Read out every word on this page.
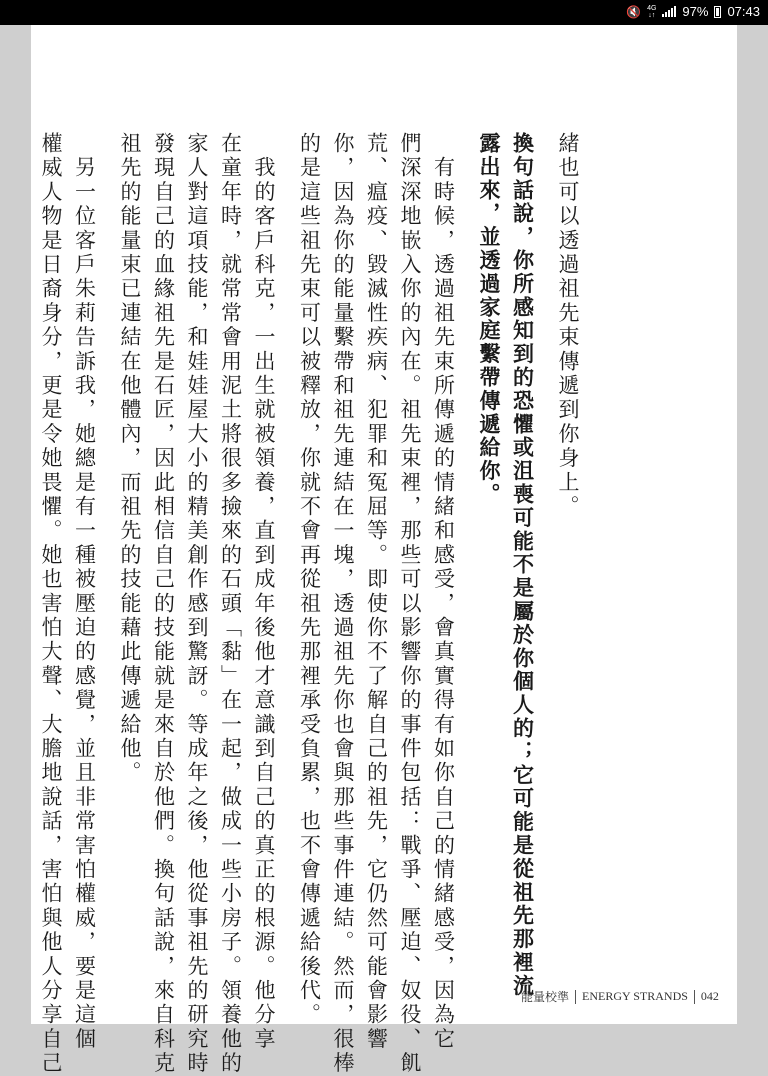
🔇 4G
↓↑ 97% 07:43
緒也可以透過祖先束傳遞到你身上。
換句話說，你所感知到的恐懼或沮喪可能不是屬於你個人的；它可能是從祖先那裡流
露出來，並透過家庭繫帶傳遞給你。
　有時候，透過祖先束所傳遞的情緒和感受，會真實得有如你自己的情緒感受，因為它
們深深地嵌入你的內在。祖先束裡，那些可以影響你的事件包括：戰爭、壓迫、奴役、飢
荒、瘟疫、毀滅性疾病、犯罪和冤屈等。即使你不了解自己的祖先，它仍然可能會影響
你，因為你的能量繫帶和祖先連結在一塊，透過祖先你也會與那些事件連結。然而，很棒
的是這些祖先束可以被釋放，你就不會再從祖先那裡承受負累，也不會傳遞給後代。
　我的客戶科克，一出生就被領養，直到成年後他才意識到自己的真正的根源。他分享
在童年時，就常常會用泥土將很多撿來的石頭「黏」在一起，做成一些小房子。領養他的
家人對這項技能，和娃娃屋大小的精美創作感到驚訝。等成年之後，他從事祖先的研究時
發現自己的血緣祖先是石匠，因此相信自己的技能就是來自於他們。換句話說，來自科克
祖先的能量束已連結在他體內，而祖先的技能藉此傳遞給他。
　另一位客戶朱莉告訴我，她總是有一種被壓迫的感覺，並且非常害怕權威，要是這個
權威人物是日裔身分，更是令她畏懼。她也害怕大聲、大膽地說話，害怕與他人分享自己	能量校準 ENERGY STRANDS 042
